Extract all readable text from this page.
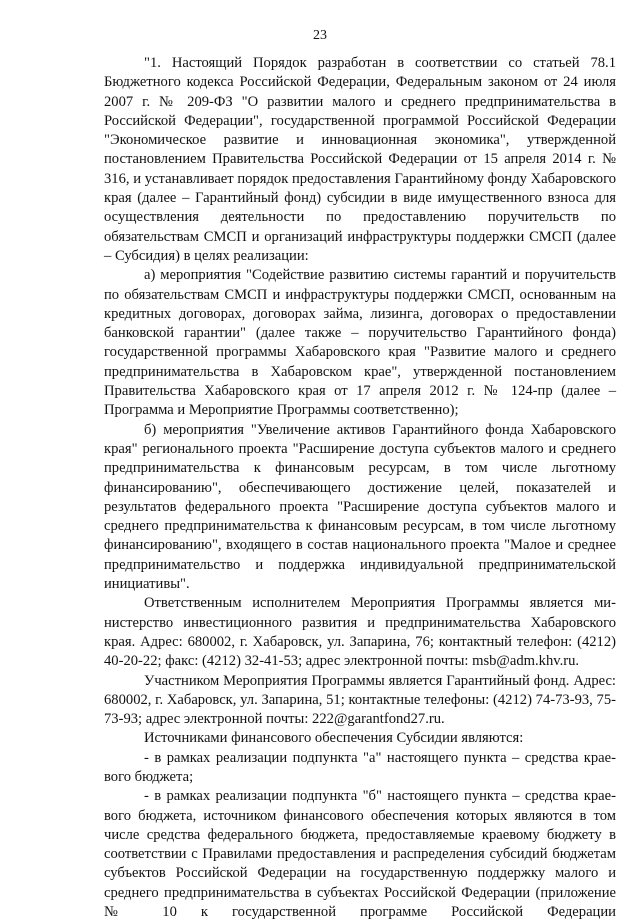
23

"1. Настоящий Порядок разработан в соответствии со статьей 78.1 Бюджетного кодекса Российской Федерации, Федеральным законом от 24 июля 2007 г. № 209-ФЗ "О развитии малого и среднего предпринимательства в Российской Федерации", государственной программой Российской Федерации "Экономическое развитие и инновационная экономика", утвержденной постановлением Правительства Российской Федерации от 15 апреля 2014 г. № 316, и устанавливает порядок предоставления Гарантийному фонду Хабаровского края (далее – Гарантийный фонд) субсидии в виде имущественного взноса для осуществления деятельности по предоставлению поручительств по обязательствам СМСП и организаций инфраструктуры поддержки СМСП (далее – Субсидия) в целях реализации:

а) мероприятия "Содействие развитию системы гарантий и поручительств по обязательствам СМСП и инфраструктуры поддержки СМСП, основанным на кредитных договорах, договорах займа, лизинга, договорах о предоставлении банковской гарантии" (далее также – поручительство Гарантийного фонда) государственной программы Хабаровского края "Развитие малого и среднего предпринимательства в Хабаровском крае", утвержденной постановлением Правительства Хабаровского края от 17 апреля 2012 г. № 124-пр (далее – Программа и Мероприятие Программы соответственно);

б) мероприятия "Увеличение активов Гарантийного фонда Хабаровского края" регионального проекта "Расширение доступа субъектов малого и среднего предпринимательства к финансовым ресурсам, в том числе льготному финансированию", обеспечивающего достижение целей, показателей и результатов федерального проекта "Расширение доступа субъектов малого и среднего предпринимательства к финансовым ресурсам, в том числе льготному финансированию", входящего в состав национального проекта "Малое и среднее предпринимательство и поддержка индивидуальной предпринимательской инициативы".

Ответственным исполнителем Мероприятия Программы является министерство инвестиционного развития и предпринимательства Хабаровского края. Адрес: 680002, г. Хабаровск, ул. Запарина, 76; контактный телефон: (4212) 40-20-22; факс: (4212) 32-41-53; адрес электронной почты: msb@adm.khv.ru.

Участником Мероприятия Программы является Гарантийный фонд. Адрес: 680002, г. Хабаровск, ул. Запарина, 51; контактные телефоны: (4212) 74-73-93, 75-73-93; адрес электронной почты: 222@garantfond27.ru.

Источниками финансового обеспечения Субсидии являются:

- в рамках реализации подпункта "а" настоящего пункта – средства краевого бюджета;

- в рамках реализации подпункта "б" настоящего пункта – средства краевого бюджета, источником финансового обеспечения которых являются в том числе средства федерального бюджета, предоставляемые краевому бюджету в соответствии с Правилами предоставления и распределения субсидий бюджетам субъектов Российской Федерации на государственную поддержку малого и среднего предпринимательства в субъектах Российской Федерации (приложение № 10 к государственной программе Российской Федерации
